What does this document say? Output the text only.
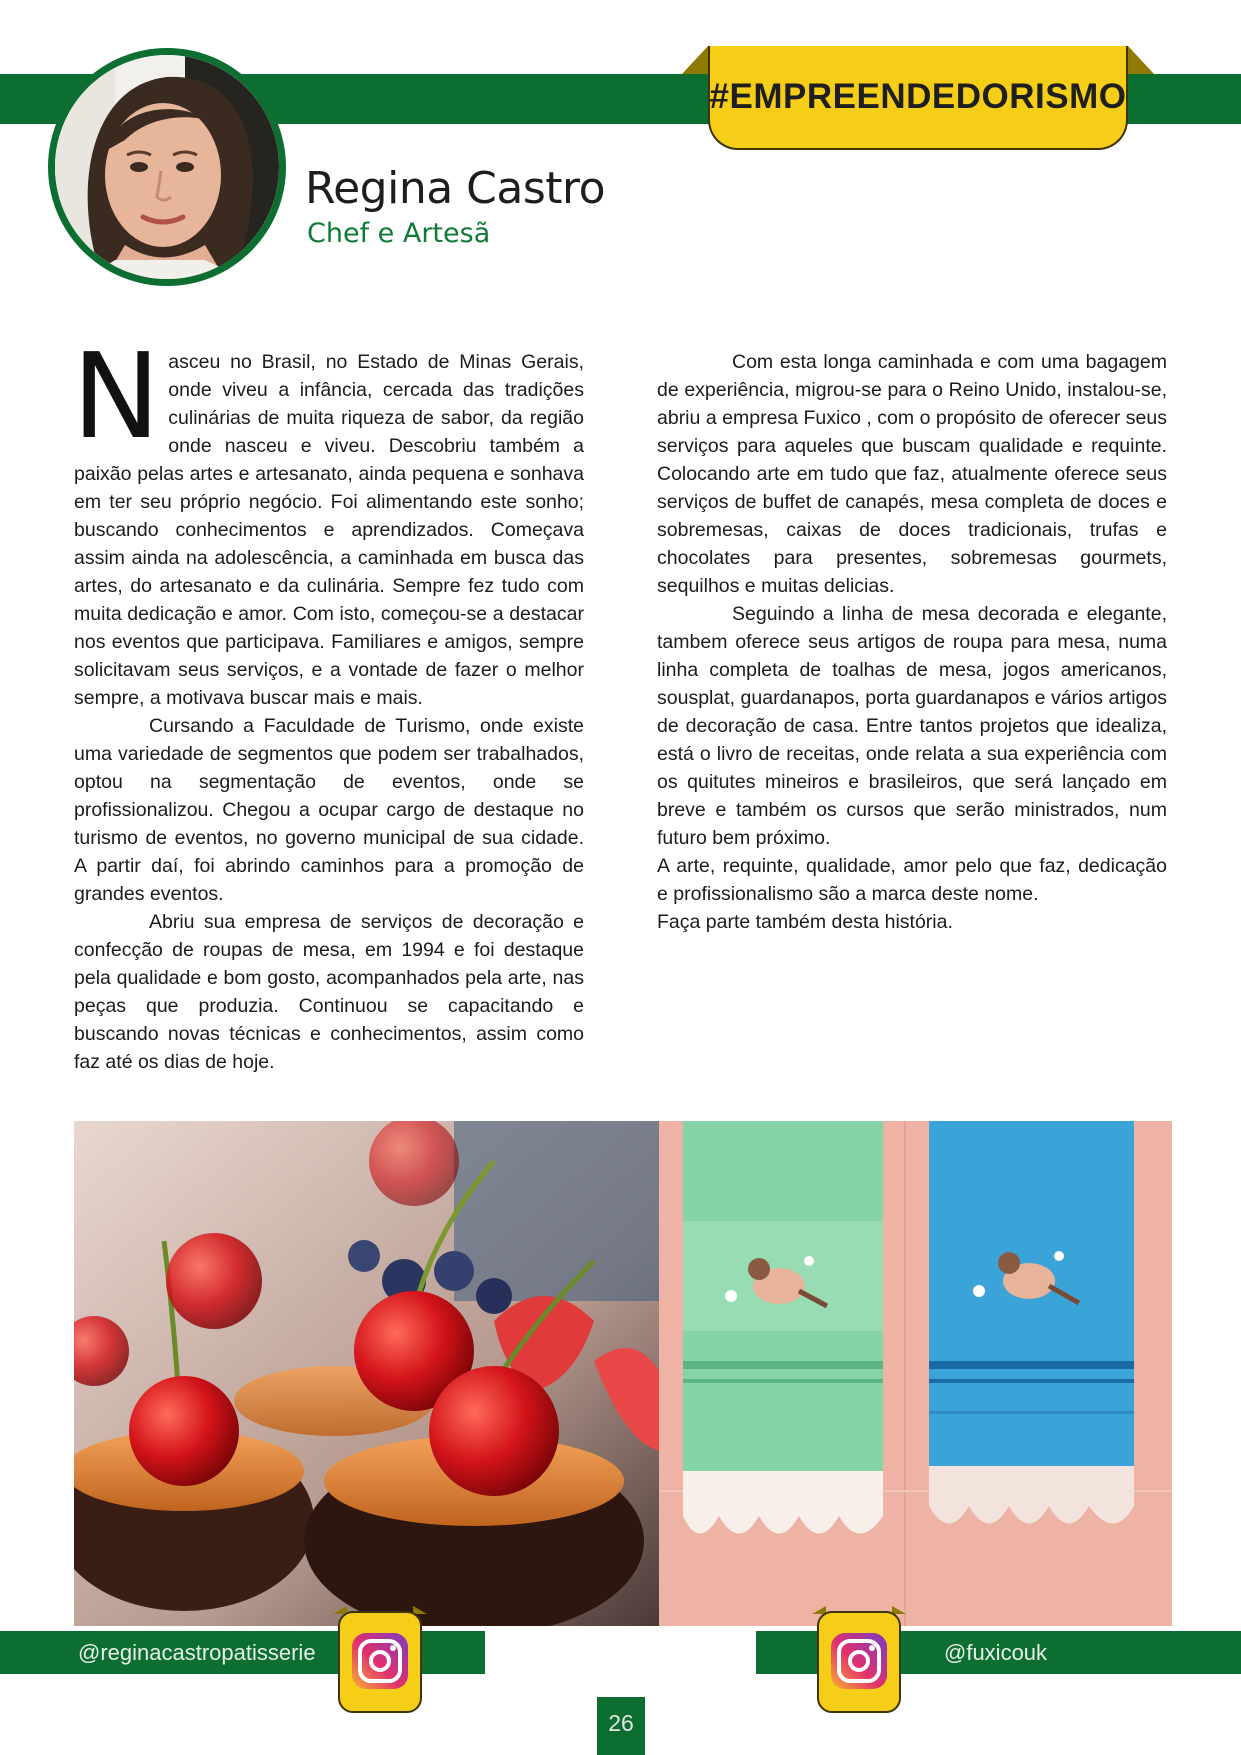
#EMPREENDEDORISMO
Regina Castro
Chef e Artesã

Nasceu no Brasil, no Estado de Minas Gerais, onde viveu a infância, cercada das tradições culinárias de muita riqueza de sabor, da região onde nasceu e viveu. Descobriu também a paixão pelas artes e artesanato, ainda pequena e sonhava em ter seu próprio negócio. Foi alimentando este sonho; buscando conhecimentos e aprendizados. Começava assim ainda na adolescência, a caminhada em busca das artes, do artesanato e da culinária. Sempre fez tudo com muita dedicação e amor. Com isto, começou-se a destacar nos eventos que participava. Familiares e amigos, sempre solicitavam seus serviços, e a vontade de fazer o melhor sempre, a motivava buscar mais e mais.

Cursando a Faculdade de Turismo, onde existe uma variedade de segmentos que podem ser trabalhados, optou na segmentação de eventos, onde se profissionalizou. Chegou a ocupar cargo de destaque no turismo de eventos, no governo municipal de sua cidade. A partir daí, foi abrindo caminhos para a promoção de grandes eventos.

Abriu sua empresa de serviços de decoração e confecção de roupas de mesa, em 1994 e foi destaque pela qualidade e bom gosto, acompanhados pela arte, nas peças que produzia. Continuou se capacitando e buscando novas técnicas e conhecimentos, assim como faz até os dias de hoje.

Com esta longa caminhada e com uma bagagem de experiência, migrou-se para o Reino Unido, instalou-se, abriu a empresa Fuxico , com o propósito de oferecer seus serviços para aqueles que buscam qualidade e requinte. Colocando arte em tudo que faz, atualmente oferece seus serviços de buffet de canapés, mesa completa de doces e sobremesas, caixas de doces tradicionais, trufas e chocolates para presentes, sobremesas gourmets, sequilhos e muitas delicias.

Seguindo a linha de mesa decorada e elegante, tambem oferece seus artigos de roupa para mesa, numa linha completa de toalhas de mesa, jogos americanos, sousplat, guardanapos, porta guardanapos e vários artigos de decoração de casa. Entre tantos projetos que idealiza, está o livro de receitas, onde relata a sua experiência com os quitutes mineiros e brasileiros, que será lançado em breve e também os cursos que serão ministrados, num futuro bem próximo.

A arte, requinte, qualidade, amor pelo que faz, dedicação e profissionalismo são a marca deste nome.

Faça parte também desta história.

@reginacastropatisserie	@fuxicouk
26
